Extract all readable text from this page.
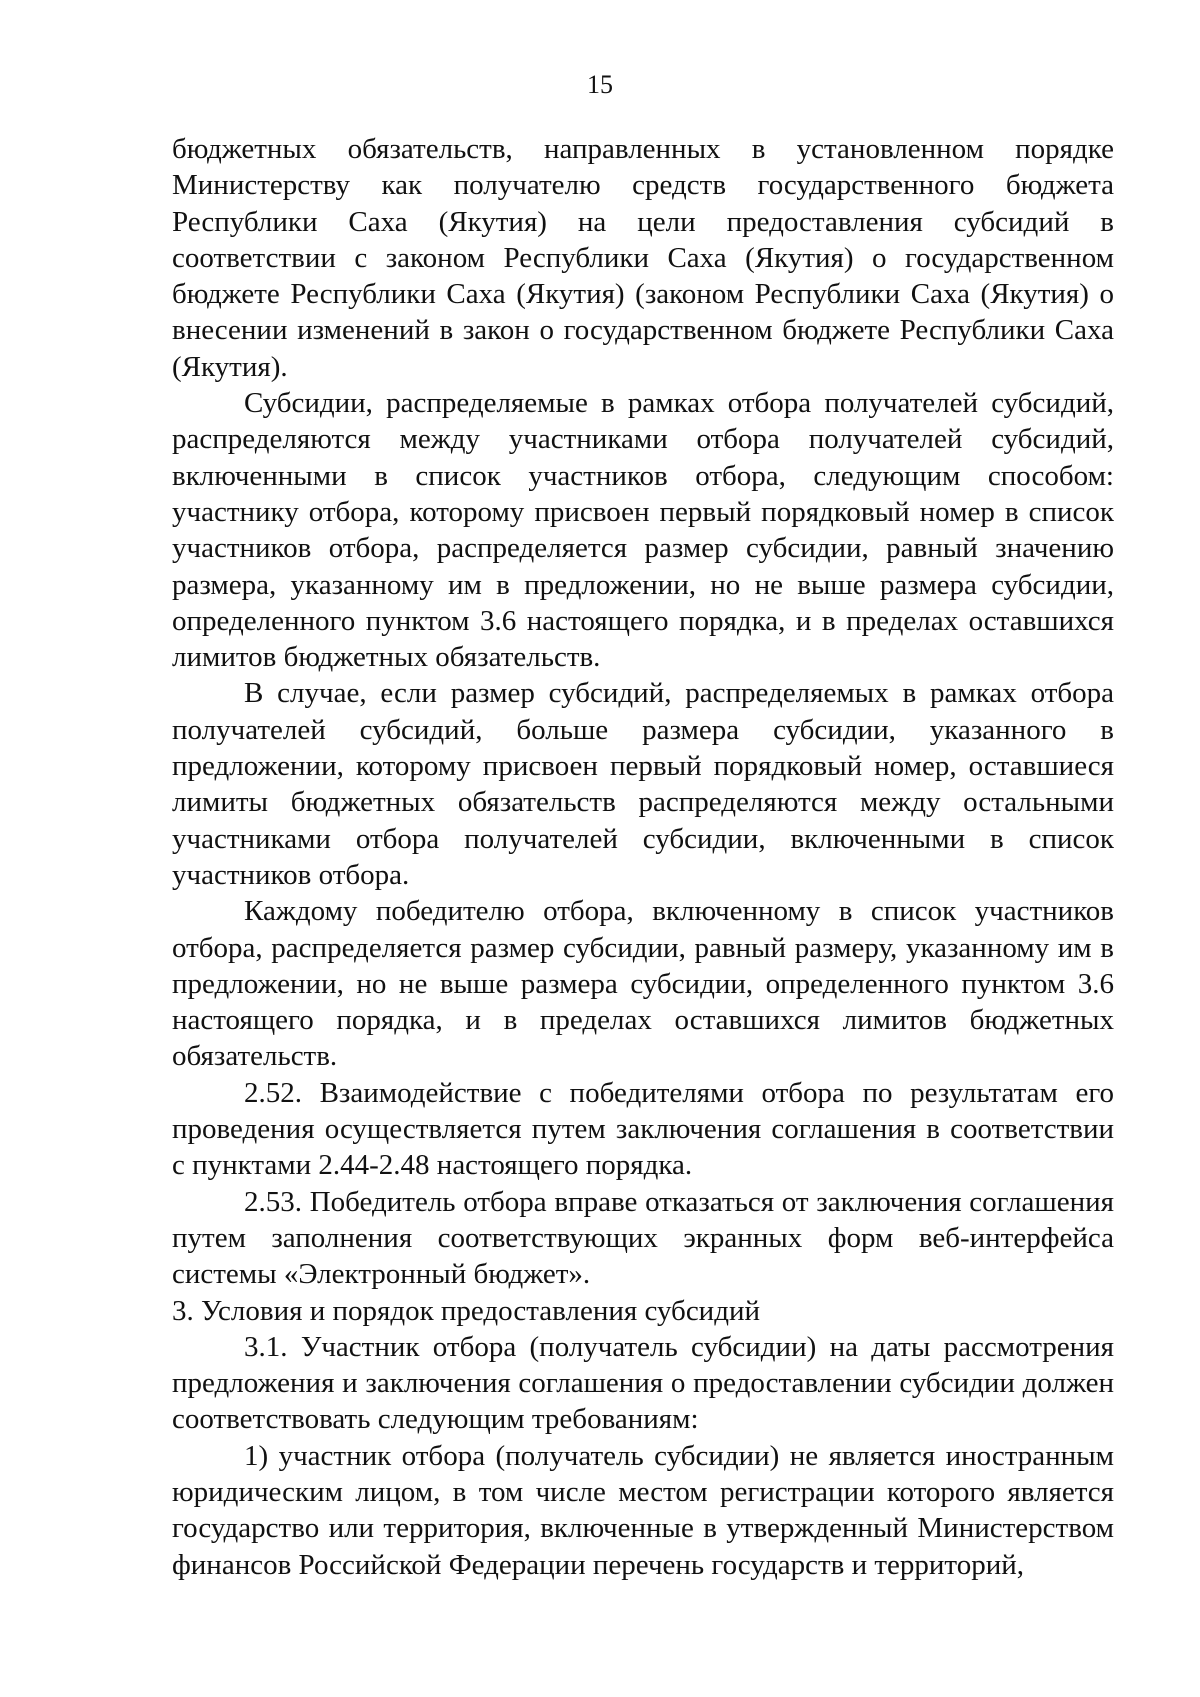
15

бюджетных обязательств, направленных в установленном порядке Министерству как получателю средств государственного бюджета Республики Саха (Якутия) на цели предоставления субсидий в соответствии с законом Республики Саха (Якутия) о государственном бюджете Республики Саха (Якутия) (законом Республики Саха (Якутия) о внесении изменений в закон о государственном бюджете Республики Саха (Якутия).

Субсидии, распределяемые в рамках отбора получателей субсидий, распределяются между участниками отбора получателей субсидий, включенными в список участников отбора, следующим способом: участнику отбора, которому присвоен первый порядковый номер в список участников отбора, распределяется размер субсидии, равный значению размера, указанному им в предложении, но не выше размера субсидии, определенного пунктом 3.6 настоящего порядка, и в пределах оставшихся лимитов бюджетных обязательств.

В случае, если размер субсидий, распределяемых в рамках отбора получателей субсидий, больше размера субсидии, указанного в предложении, которому присвоен первый порядковый номер, оставшиеся лимиты бюджетных обязательств распределяются между остальными участниками отбора получателей субсидии, включенными в список участников отбора.

Каждому победителю отбора, включенному в список участников отбора, распределяется размер субсидии, равный размеру, указанному им в предложении, но не выше размера субсидии, определенного пунктом 3.6 настоящего порядка, и в пределах оставшихся лимитов бюджетных обязательств.

2.52. Взаимодействие с победителями отбора по результатам его проведения осуществляется путем заключения соглашения в соответствии с пунктами 2.44-2.48 настоящего порядка.

2.53. Победитель отбора вправе отказаться от заключения соглашения путем заполнения соответствующих экранных форм веб-интерфейса системы «Электронный бюджет».

3. Условия и порядок предоставления субсидий

3.1. Участник отбора (получатель субсидии) на даты рассмотрения предложения и заключения соглашения о предоставлении субсидии должен соответствовать следующим требованиям:

1) участник отбора (получатель субсидии) не является иностранным юридическим лицом, в том числе местом регистрации которого является государство или территория, включенные в утвержденный Министерством финансов Российской Федерации перечень государств и территорий,
